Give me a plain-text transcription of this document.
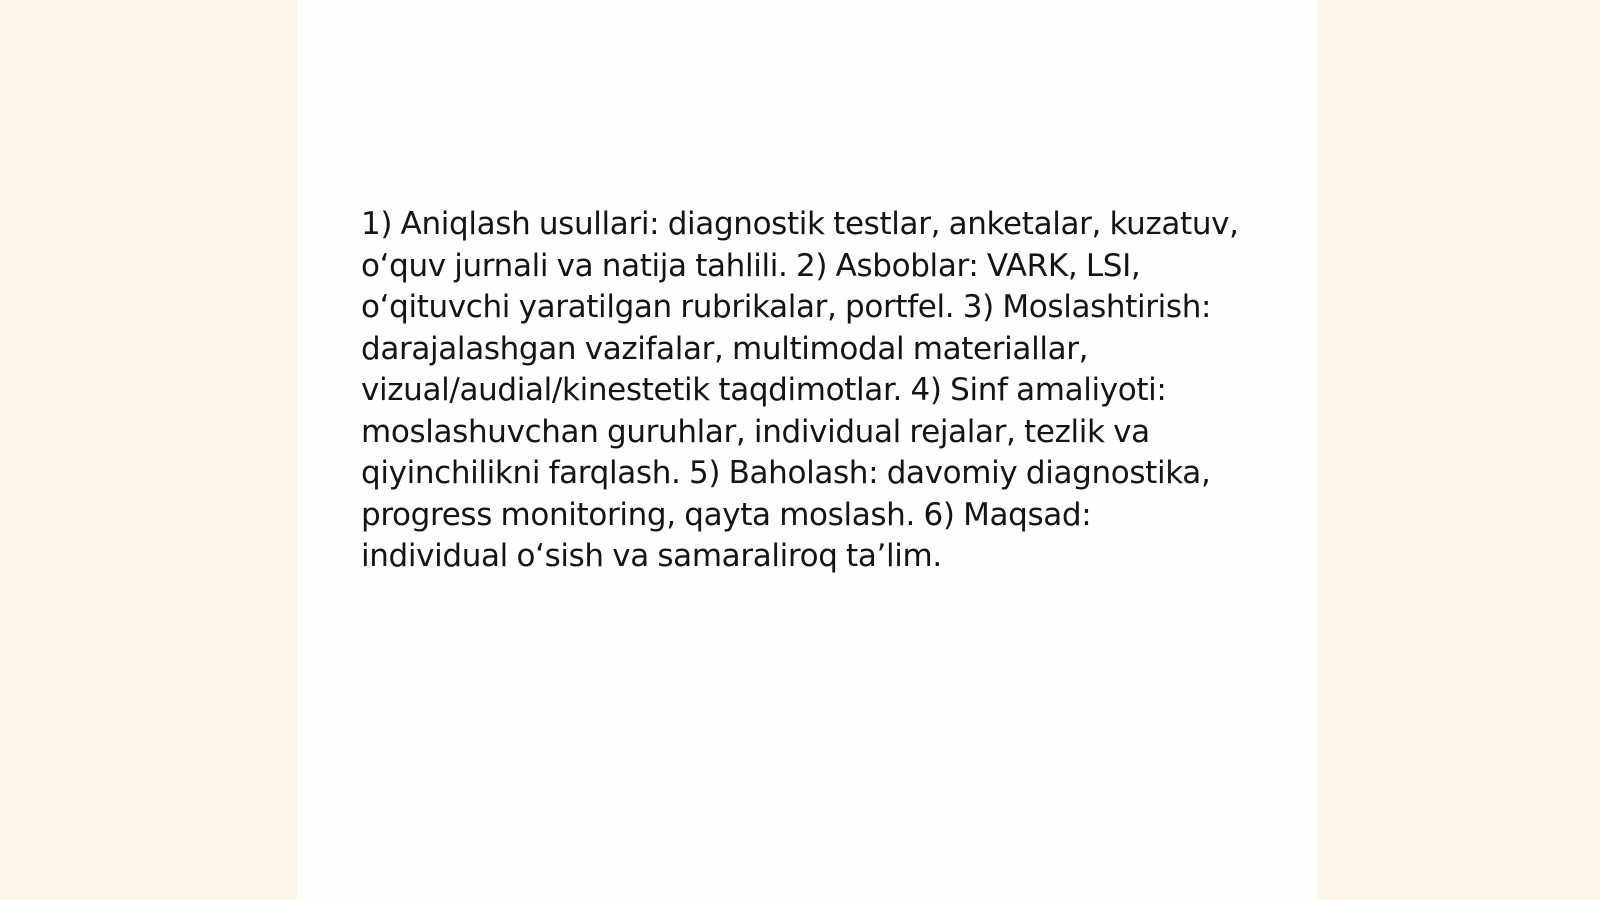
1) Aniqlash usullari: diagnostik testlar, anketalar, kuzatuv, o‘quv jurnali va natija tahlili. 2) Asboblar: VARK, LSI, o‘qituvchi yaratilgan rubrikalar, portfel. 3) Moslashtirish: darajalashgan vazifalar, multimodal materiallar, vizual/audial/kinestetik taqdimotlar. 4) Sinf amaliyoti: moslashuvchan guruhlar, individual rejalar, tezlik va qiyinchilikni farqlash. 5) Baholash: davomiy diagnostika, progress monitoring, qayta moslash. 6) Maqsad: individual o‘sish va samaraliroq ta’lim.
